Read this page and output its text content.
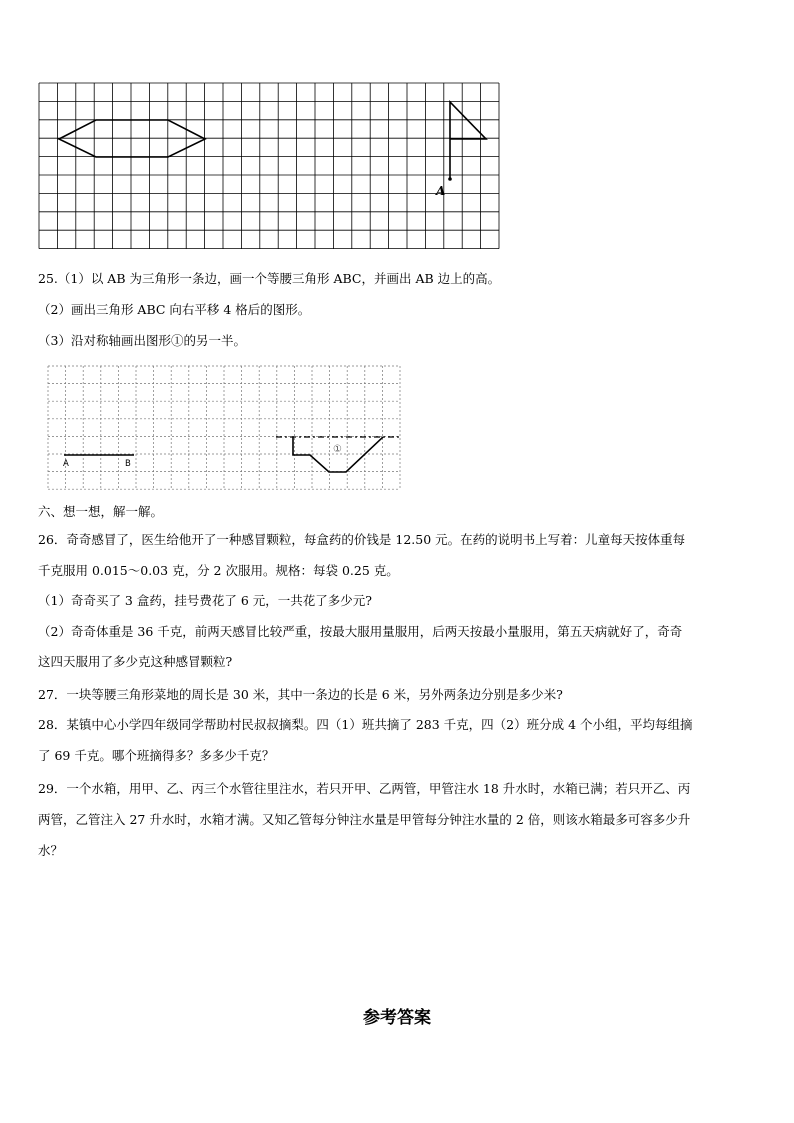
A
25.（1）以 AB 为三角形一条边，画一个等腰三角形 ABC，并画出 AB 边上的高。
（2）画出三角形 ABC 向右平移 4 格后的图形。
（3）沿对称轴画出图形①的另一半。
A	B
①
六、想一想，解一解。
26．奇奇感冒了，医生给他开了一种感冒颗粒，每盒药的价钱是 12.50 元。在药的说明书上写着：儿童每天按体重每
千克服用 0.015～0.03 克，分 2 次服用。规格：每袋 0.25 克。
（1）奇奇买了 3 盒药，挂号费花了 6 元，一共花了多少元?
（2）奇奇体重是 36 千克，前两天感冒比较严重，按最大服用量服用，后两天按最小量服用，第五天病就好了，奇奇
这四天服用了多少克这种感冒颗粒?
27．一块等腰三角形菜地的周长是 30 米，其中一条边的长是 6 米，另外两条边分别是多少米?
28．某镇中心小学四年级同学帮助村民叔叔摘梨。四（1）班共摘了 283 千克，四（2）班分成 4 个小组，平均每组摘
了 69 千克。哪个班摘得多？多多少千克？
29．一个水箱，用甲、乙、丙三个水管往里注水，若只开甲、乙两管，甲管注水 18 升水时，水箱已满；若只开乙、丙
两管，乙管注入 27 升水时，水箱才满。又知乙管每分钟注水量是甲管每分钟注水量的 2 倍，则该水箱最多可容多少升
水？
参考答案
